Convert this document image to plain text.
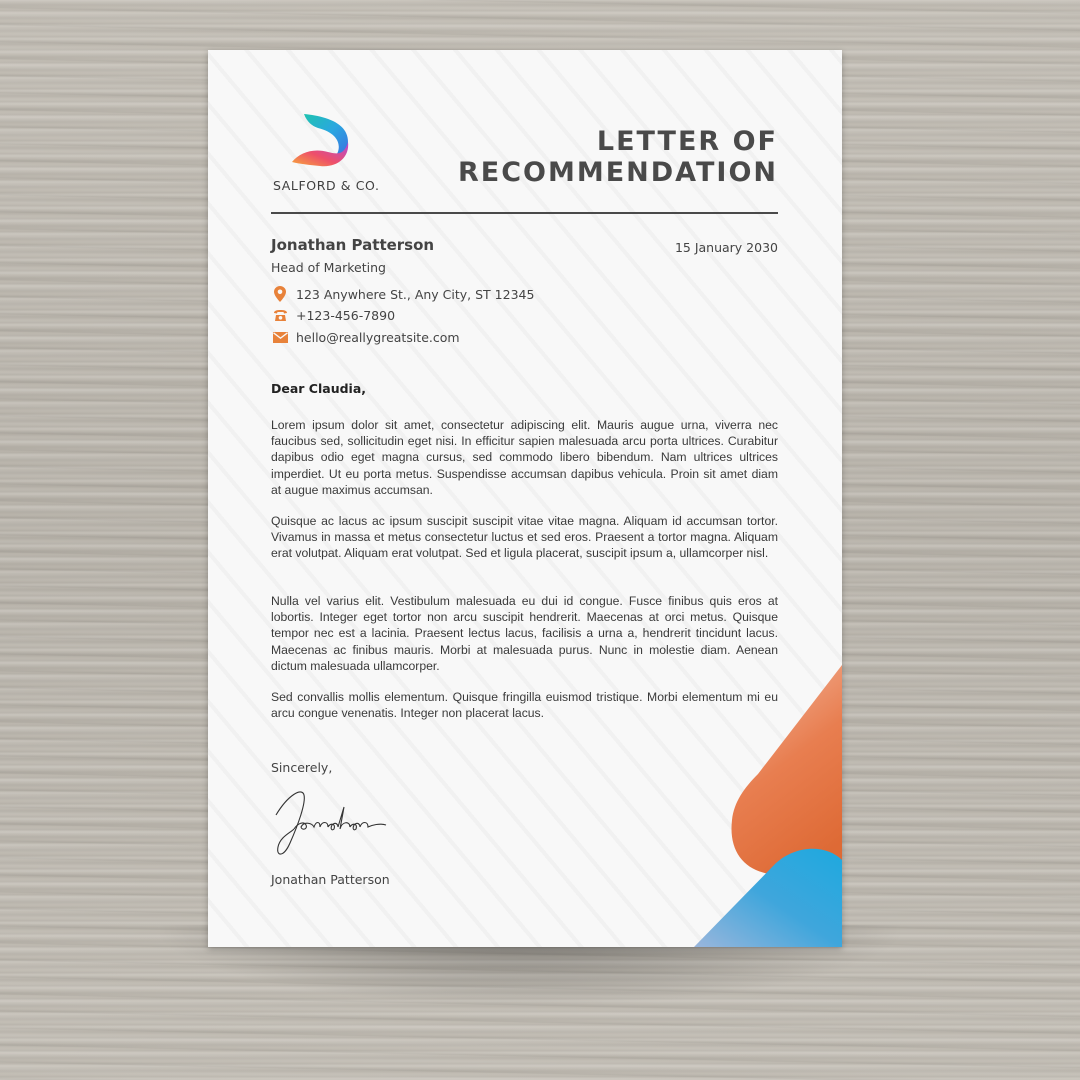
SALFORD & CO.
LETTER OF
RECOMMENDATION
Jonathan Patterson	15 January 2030
Head of Marketing
123 Anywhere St., Any City, ST 12345
+123-456-7890
hello@reallygreatsite.com
Dear Claudia,

Lorem ipsum dolor sit amet, consectetur adipiscing elit. Mauris augue urna, viverra nec faucibus sed, sollicitudin eget nisi. In efficitur sapien malesuada arcu porta ultrices. Curabitur dapibus odio eget magna cursus, sed commodo libero bibendum. Nam ultrices ultrices imperdiet. Ut eu porta metus. Suspendisse accumsan dapibus vehicula. Proin sit amet diam at augue maximus accumsan.

Quisque ac lacus ac ipsum suscipit suscipit vitae vitae magna. Aliquam id accumsan tortor. Vivamus in massa et metus consectetur luctus et sed eros. Praesent a tortor magna. Aliquam erat volutpat. Aliquam erat volutpat. Sed et ligula placerat, suscipit ipsum a, ullamcorper nisl.

Nulla vel varius elit. Vestibulum malesuada eu dui id congue. Fusce finibus quis eros at lobortis. Integer eget tortor non arcu suscipit hendrerit. Maecenas at orci metus. Quisque tempor nec est a lacinia. Praesent lectus lacus, facilisis a urna a, hendrerit tincidunt lacus. Maecenas ac finibus mauris. Morbi at malesuada purus. Nunc in molestie diam. Aenean dictum malesuada ullamcorper.

Sed convallis mollis elementum. Quisque fringilla euismod tristique. Morbi elementum mi eu arcu congue venenatis. Integer non placerat lacus.

Sincerely,
Jonathan Patterson
